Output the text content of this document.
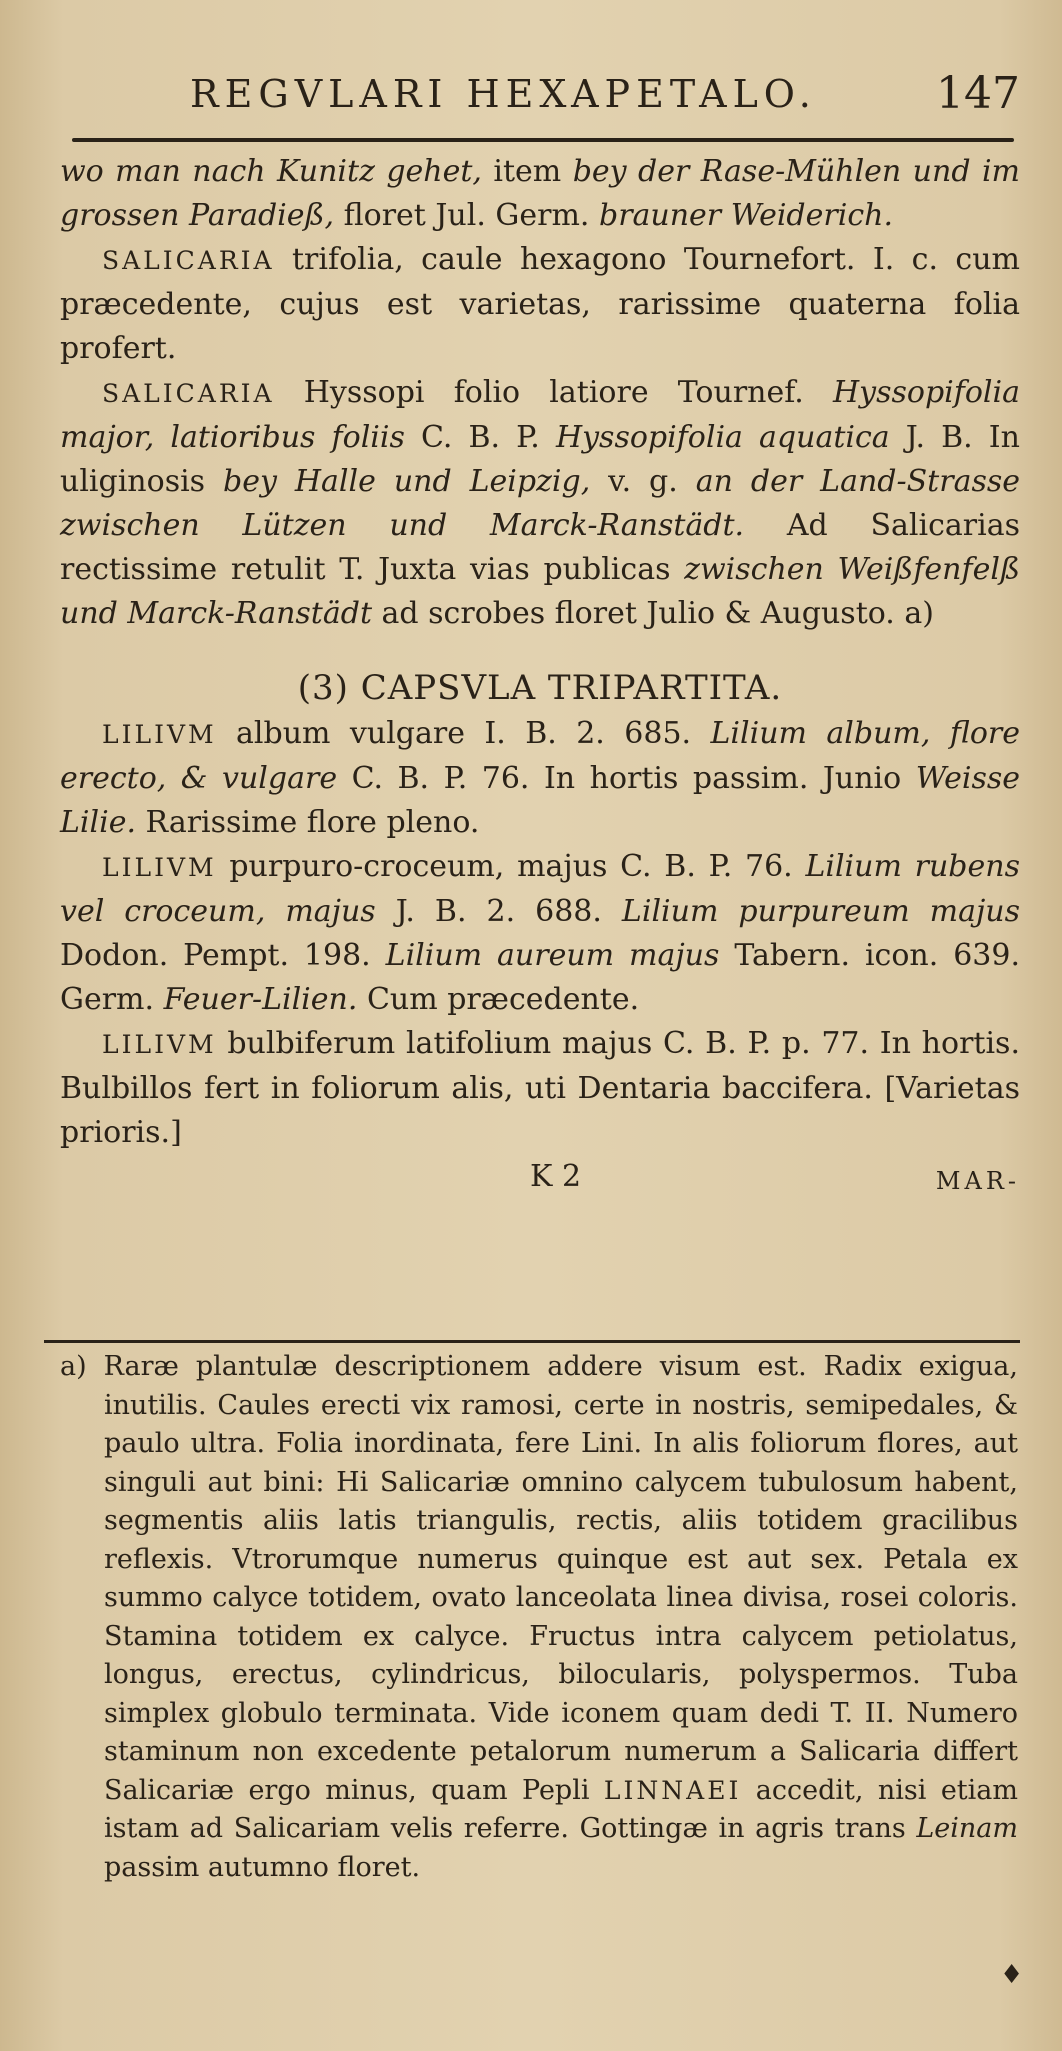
REGVLARI HEXAPETALO.	147

wo man nach Kunitz gehet, item bey der Rase-Mühlen und im grossen Paradieß, floret Jul. Germ. brauner Weiderich.

SALICARIA trifolia, caule hexagono Tournefort. I. c. cum præcedente, cujus est varietas, rarissime quaterna folia profert.

SALICARIA Hyssopi folio latiore Tournef. Hyssopifolia major, latioribus foliis C. B. P. Hyssopifolia aquatica J. B. In uliginosis bey Halle und Leipzig, v. g. an der Land-Strasse zwischen Lützen und Marck-Ranstädt. Ad Salicarias rectissime retulit T. Juxta vias publicas zwischen Weißfenfelß und Marck-Ranstädt ad scrobes floret Julio & Augusto. a)

(3) CAPSVLA TRIPARTITA.

LILIVM album vulgare I. B. 2. 685. Lilium album, flore erecto, & vulgare C. B. P. 76. In hortis passim. Junio Weisse Lilie. Rarissime flore pleno.

LILIVM purpuro-croceum, majus C. B. P. 76. Lilium rubens vel croceum, majus J. B. 2. 688. Lilium purpureum majus Dodon. Pempt. 198. Lilium aureum majus Tabern. icon. 639. Germ. Feuer-Lilien. Cum præcedente.

LILIVM bulbiferum latifolium majus C. B. P. p. 77. In hortis. Bulbillos fert in foliorum alis, uti Dentaria baccifera. [Varietas prioris.]

K 2	MAR-

a) Raræ plantulæ descriptionem addere visum est. Radix exigua, inutilis. Caules erecti vix ramosi, certe in nostris, semipedales, & paulo ultra. Folia inordinata, fere Lini. In alis foliorum flores, aut singuli aut bini: Hi Salicariæ omnino calycem tubulosum habent, segmentis aliis latis triangulis, rectis, aliis totidem gracilibus reflexis. Vtrorumque numerus quinque est aut sex. Petala ex summo calyce totidem, ovato lanceolata linea divisa, rosei coloris. Stamina totidem ex calyce. Fructus intra calycem petiolatus, longus, erectus, cylindricus, bilocularis, polyspermos. Tuba simplex globulo terminata. Vide iconem quam dedi T. II. Numero staminum non excedente petalorum numerum a Salicaria differt Salicariæ ergo minus, quam Pepli LINNAEI accedit, nisi etiam istam ad Salicariam velis referre. Gottingæ in agris trans Leinam passim autumno floret.

♦
